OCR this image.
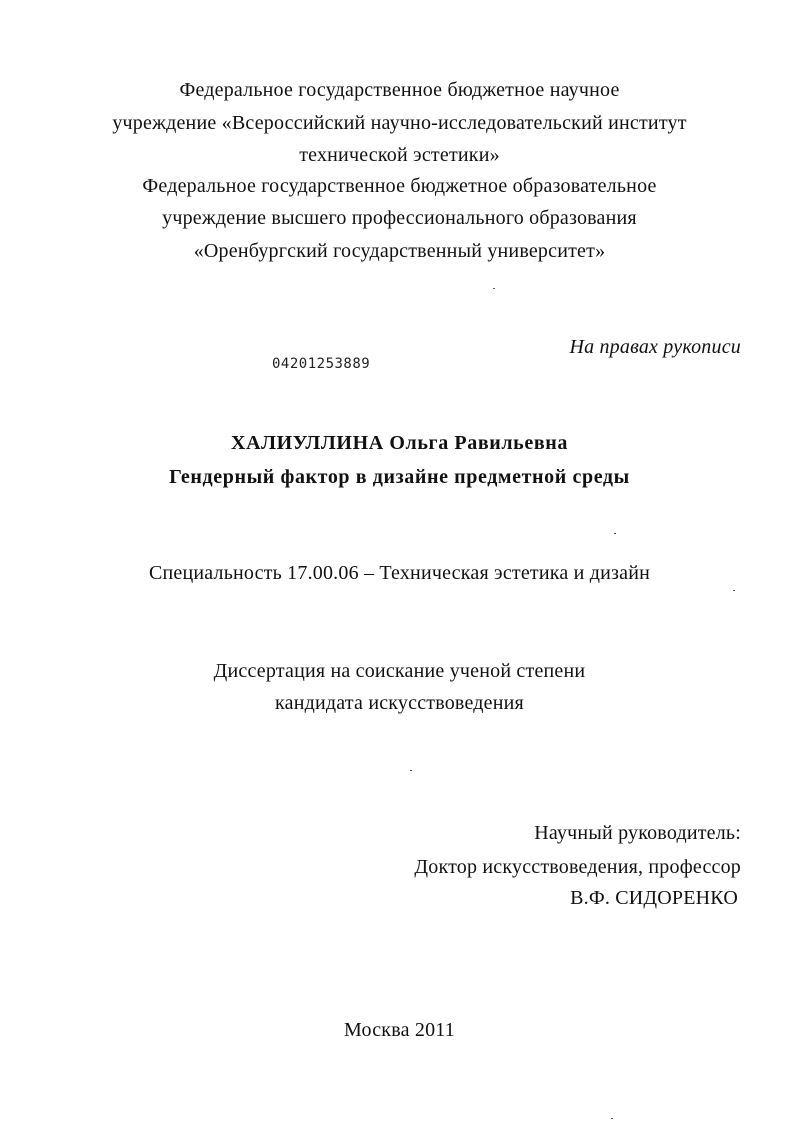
Федеральное государственное бюджетное научное
учреждение «Всероссийский научно-исследовательский институт
технической эстетики»
Федеральное государственное бюджетное образовательное
учреждение высшего профессионального образования
«Оренбургский государственный университет»
На правах рукописи
04201253889
ХАЛИУЛЛИНА Ольга Равильевна
Гендерный фактор в дизайне предметной среды
Специальность 17.00.06 – Техническая эстетика и дизайн
Диссертация на соискание ученой степени
кандидата искусствоведения
Научный руководитель:
Доктор искусствоведения, профессор
В.Ф. СИДОРЕНКО
Москва 2011
